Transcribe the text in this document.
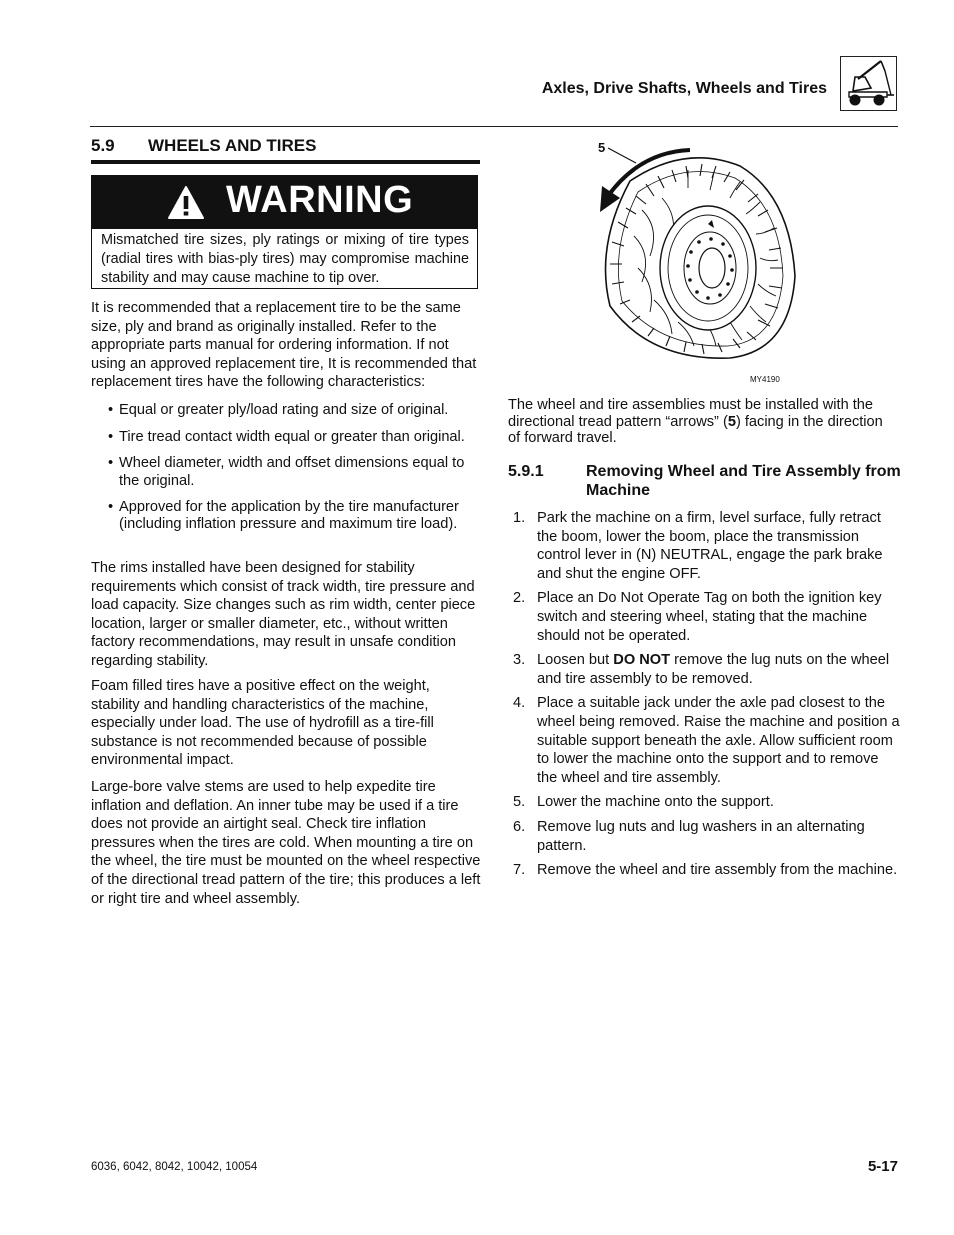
Axles, Drive Shafts, Wheels and Tires
5.9 WHEELS AND TIRES
WARNING
Mismatched tire sizes, ply ratings or mixing of tire types (radial tires with bias-ply tires) may compromise machine stability and may cause machine to tip over.
It is recommended that a replacement tire to be the same size, ply and brand as originally installed. Refer to the appropriate parts manual for ordering information. If not using an approved replacement tire, It is recommended that replacement tires have the following characteristics:
• Equal or greater ply/load rating and size of original.
• Tire tread contact width equal or greater than original.
• Wheel diameter, width and offset dimensions equal to the original.
• Approved for the application by the tire manufacturer (including inflation pressure and maximum tire load).
The rims installed have been designed for stability requirements which consist of track width, tire pressure and load capacity. Size changes such as rim width, center piece location, larger or smaller diameter, etc., without written factory recommendations, may result in unsafe condition regarding stability.
Foam filled tires have a positive effect on the weight, stability and handling characteristics of the machine, especially under load. The use of hydrofill as a tire-fill substance is not recommended because of possible environmental impact.
Large-bore valve stems are used to help expedite tire inflation and deflation. An inner tube may be used if a tire does not provide an airtight seal. Check tire inflation pressures when the tires are cold. When mounting a tire on the wheel, the tire must be mounted on the wheel respective of the directional tread pattern of the tire; this produces a left or right tire and wheel assembly.
5
MY4190
The wheel and tire assemblies must be installed with the directional tread pattern “arrows” (5) facing in the direction of forward travel.
5.9.1	Removing Wheel and Tire Assembly from Machine
1. Park the machine on a firm, level surface, fully retract the boom, lower the boom, place the transmission control lever in (N) NEUTRAL, engage the park brake and shut the engine OFF.
2. Place an Do Not Operate Tag on both the ignition key switch and steering wheel, stating that the machine should not be operated.
3. Loosen but DO NOT remove the lug nuts on the wheel and tire assembly to be removed.
4. Place a suitable jack under the axle pad closest to the wheel being removed. Raise the machine and position a suitable support beneath the axle. Allow sufficient room to lower the machine onto the support and to remove the wheel and tire assembly.
5. Lower the machine onto the support.
6. Remove lug nuts and lug washers in an alternating pattern.
7. Remove the wheel and tire assembly from the machine.
6036, 6042, 8042, 10042, 10054	5-17
